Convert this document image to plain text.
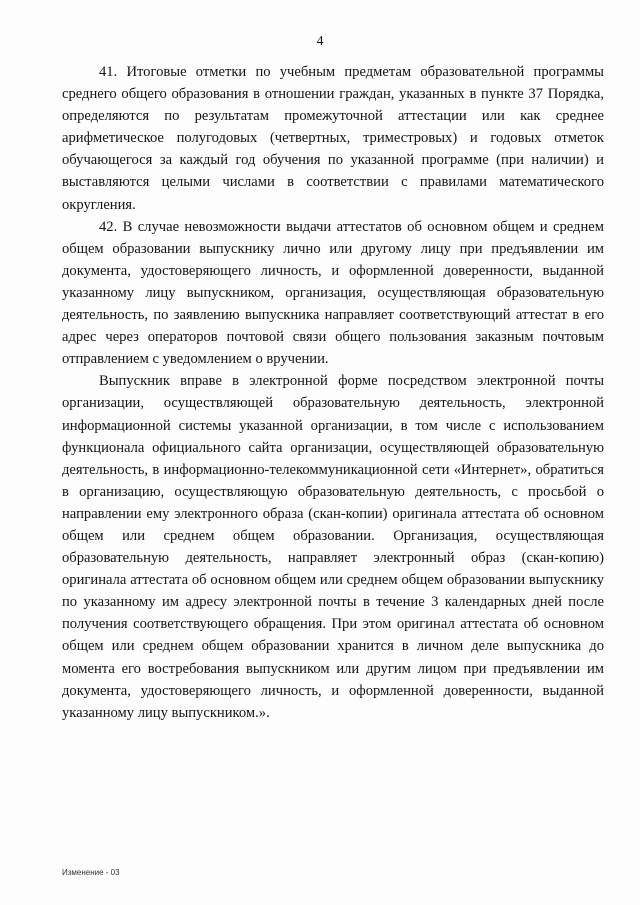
4

41. Итоговые отметки по учебным предметам образовательной программы среднего общего образования в отношении граждан, указанных в пункте 37 Порядка, определяются по результатам промежуточной аттестации или как среднее арифметическое полугодовых (четвертных, триместровых) и годовых отметок обучающегося за каждый год обучения по указанной программе (при наличии) и выставляются целыми числами в соответствии с правилами математического округления.

42. В случае невозможности выдачи аттестатов об основном общем и среднем общем образовании выпускнику лично или другому лицу при предъявлении им документа, удостоверяющего личность, и оформленной доверенности, выданной указанному лицу выпускником, организация, осуществляющая образовательную деятельность, по заявлению выпускника направляет соответствующий аттестат в его адрес через операторов почтовой связи общего пользования заказным почтовым отправлением с уведомлением о вручении.

Выпускник вправе в электронной форме посредством электронной почты организации, осуществляющей образовательную деятельность, электронной информационной системы указанной организации, в том числе с использованием функционала официального сайта организации, осуществляющей образовательную деятельность, в информационно-телекоммуникационной сети «Интернет», обратиться в организацию, осуществляющую образовательную деятельность, с просьбой о направлении ему электронного образа (скан-копии) оригинала аттестата об основном общем или среднем общем образовании. Организация, осуществляющая образовательную деятельность, направляет электронный образ (скан-копию) оригинала аттестата об основном общем или среднем общем образовании выпускнику по указанному им адресу электронной почты в течение 3 календарных дней после получения соответствующего обращения. При этом оригинал аттестата об основном общем или среднем общем образовании хранится в личном деле выпускника до момента его востребования выпускником или другим лицом при предъявлении им документа, удостоверяющего личность, и оформленной доверенности, выданной указанному лицу выпускником.».

Изменение - 03
